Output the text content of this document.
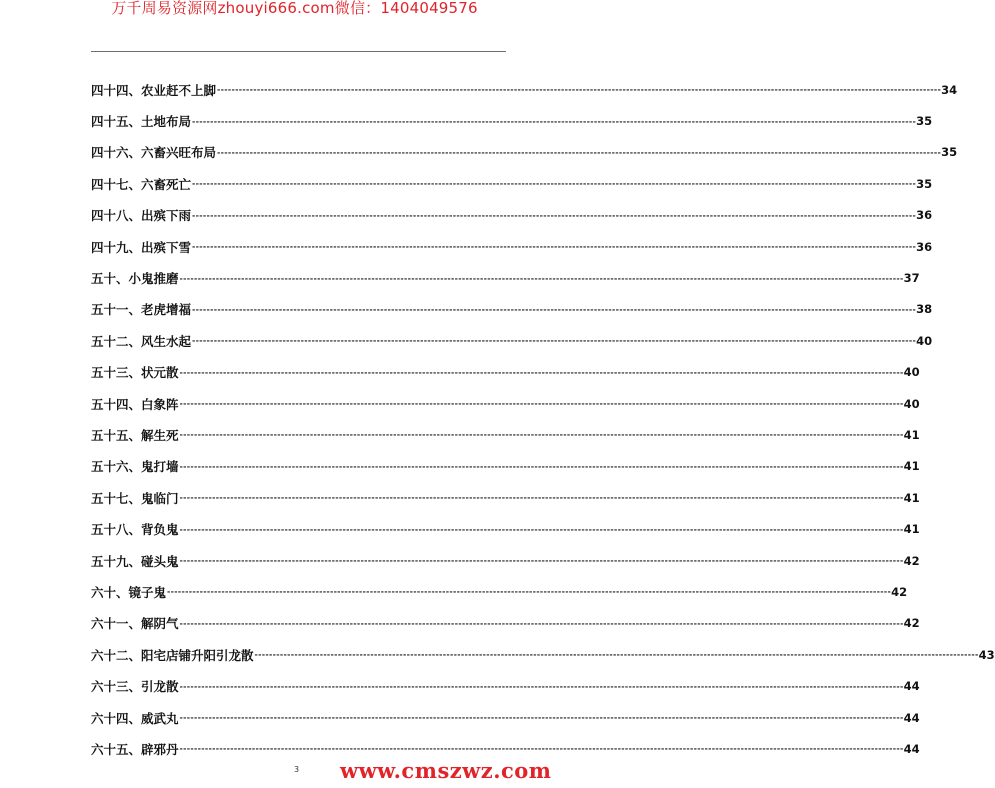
万千周易资源网zhouyi666.com微信：1404049576
四十四、 农业赶不上脚 -------------------------------------------------------------------------------------------------------------------------------------------------------------------------------------------------------- 34
四十五、 土地布局 -------------------------------------------------------------------------------------------------------------------------------------------------------------------------------------------------------- 35
四十六、 六畜兴旺布局 -------------------------------------------------------------------------------------------------------------------------------------------------------------------------------------------------------- 35
四十七、 六畜死亡 -------------------------------------------------------------------------------------------------------------------------------------------------------------------------------------------------------- 35
四十八、 出殡下雨 -------------------------------------------------------------------------------------------------------------------------------------------------------------------------------------------------------- 36
四十九、 出殡下雪 -------------------------------------------------------------------------------------------------------------------------------------------------------------------------------------------------------- 36
五十、 小鬼推磨 -------------------------------------------------------------------------------------------------------------------------------------------------------------------------------------------------------- 37
五十一、 老虎增福 -------------------------------------------------------------------------------------------------------------------------------------------------------------------------------------------------------- 38
五十二、 风生水起 -------------------------------------------------------------------------------------------------------------------------------------------------------------------------------------------------------- 40
五十三、 状元散 -------------------------------------------------------------------------------------------------------------------------------------------------------------------------------------------------------- 40
五十四、 白象阵 -------------------------------------------------------------------------------------------------------------------------------------------------------------------------------------------------------- 40
五十五、 解生死 -------------------------------------------------------------------------------------------------------------------------------------------------------------------------------------------------------- 41
五十六、 鬼打墙 -------------------------------------------------------------------------------------------------------------------------------------------------------------------------------------------------------- 41
五十七、 鬼临门 -------------------------------------------------------------------------------------------------------------------------------------------------------------------------------------------------------- 41
五十八、 背负鬼 -------------------------------------------------------------------------------------------------------------------------------------------------------------------------------------------------------- 41
五十九、 碰头鬼 -------------------------------------------------------------------------------------------------------------------------------------------------------------------------------------------------------- 42
六十、 镜子鬼 -------------------------------------------------------------------------------------------------------------------------------------------------------------------------------------------------------- 42
六十一、 解阴气 -------------------------------------------------------------------------------------------------------------------------------------------------------------------------------------------------------- 42
六十二、 阳宅店铺升阳引龙散 -------------------------------------------------------------------------------------------------------------------------------------------------------------------------------------------------------- 43
六十三、 引龙散 -------------------------------------------------------------------------------------------------------------------------------------------------------------------------------------------------------- 44
六十四、 威武丸 -------------------------------------------------------------------------------------------------------------------------------------------------------------------------------------------------------- 44
六十五、 辟邪丹 -------------------------------------------------------------------------------------------------------------------------------------------------------------------------------------------------------- 44
3 www.cmszwz.com
